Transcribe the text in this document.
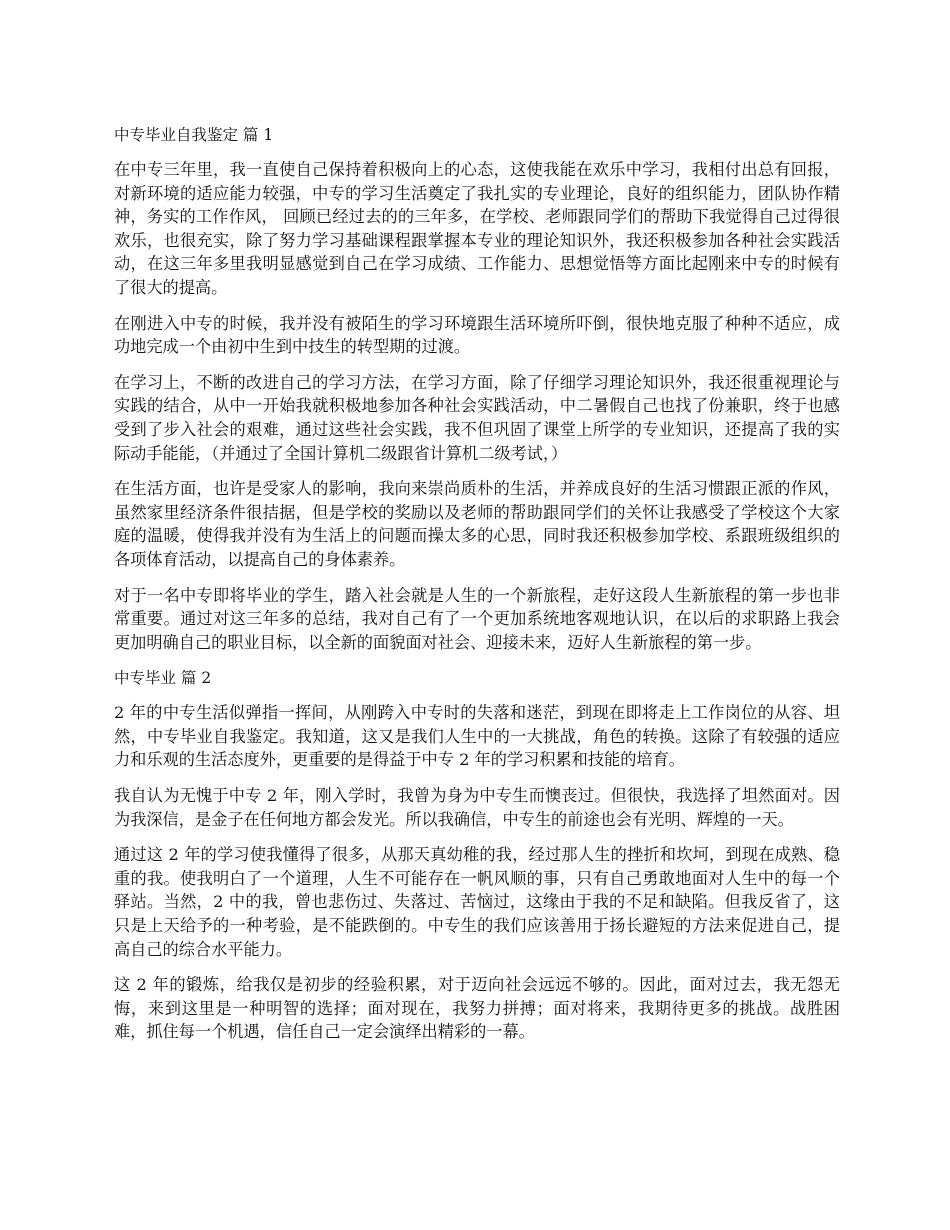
中专毕业自我鉴定 篇 1

在中专三年里，我一直使自己保持着积极向上的心态，这使我能在欢乐中学习，我相付出总有回报，对新环境的适应能力较强，中专的学习生活奠定了我扎实的专业理论，良好的组织能力，团队协作精神，务实的工作作风， 回顾已经过去的的三年多，在学校、老师跟同学们的帮助下我觉得自己过得很欢乐，也很充实，除了努力学习基础课程跟掌握本专业的理论知识外，我还积极参加各种社会实践活动，在这三年多里我明显感觉到自己在学习成绩、工作能力、思想觉悟等方面比起刚来中专的时候有了很大的提高。

在刚进入中专的时候，我并没有被陌生的学习环境跟生活环境所吓倒，很快地克服了种种不适应，成功地完成一个由初中生到中技生的转型期的过渡。

在学习上，不断的改进自己的学习方法，在学习方面，除了仔细学习理论知识外，我还很重视理论与实践的结合，从中一开始我就积极地参加各种社会实践活动，中二暑假自己也找了份兼职，终于也感受到了步入社会的艰难，通过这些社会实践，我不但巩固了课堂上所学的专业知识，还提高了我的实际动手能能，（并通过了全国计算机二级跟省计算机二级考试，）

在生活方面，也许是受家人的影响，我向来崇尚质朴的生活，并养成良好的生活习惯跟正派的作风，虽然家里经济条件很拮据，但是学校的奖励以及老师的帮助跟同学们的关怀让我感受了学校这个大家庭的温暖，使得我并没有为生活上的问题而操太多的心思，同时我还积极参加学校、系跟班级组织的各项体育活动，以提高自己的身体素养。

对于一名中专即将毕业的学生，踏入社会就是人生的一个新旅程，走好这段人生新旅程的第一步也非常重要。通过对这三年多的总结，我对自己有了一个更加系统地客观地认识，在以后的求职路上我会更加明确自己的职业目标，以全新的面貌面对社会、迎接未来，迈好人生新旅程的第一步。

中专毕业 篇 2

2 年的中专生活似弹指一挥间，从刚跨入中专时的失落和迷茫，到现在即将走上工作岗位的从容、坦然，中专毕业自我鉴定。我知道，这又是我们人生中的一大挑战，角色的转换。这除了有较强的适应力和乐观的生活态度外，更重要的是得益于中专 2 年的学习积累和技能的培育。

我自认为无愧于中专 2 年，刚入学时，我曾为身为中专生而懊丧过。但很快，我选择了坦然面对。因为我深信，是金子在任何地方都会发光。所以我确信，中专生的前途也会有光明、辉煌的一天。

通过这 2 年的学习使我懂得了很多，从那天真幼稚的我，经过那人生的挫折和坎坷，到现在成熟、稳重的我。使我明白了一个道理，人生不可能存在一帆风顺的事，只有自己勇敢地面对人生中的每一个驿站。当然，2 中的我，曾也悲伤过、失落过、苦恼过，这缘由于我的不足和缺陷。但我反省了，这只是上天给予的一种考验，是不能跌倒的。中专生的我们应该善用于扬长避短的方法来促进自己，提高自己的综合水平能力。

这 2 年的锻炼，给我仅是初步的经验积累，对于迈向社会远远不够的。因此，面对过去，我无怨无悔，来到这里是一种明智的选择；面对现在，我努力拼搏；面对将来，我期待更多的挑战。战胜困难，抓住每一个机遇，信任自己一定会演绎出精彩的一幕。
